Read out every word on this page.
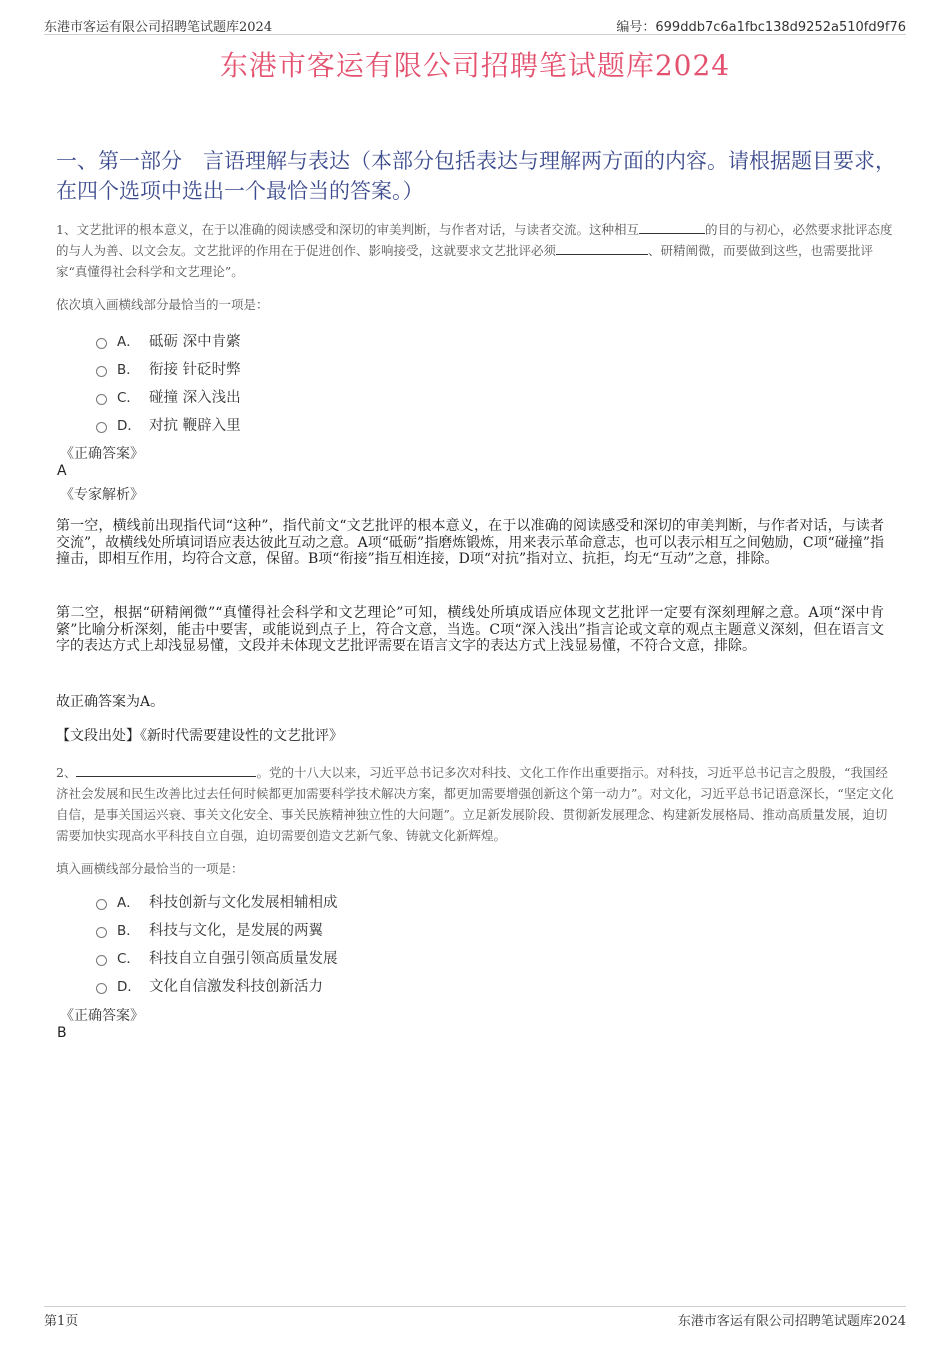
东港市客运有限公司招聘笔试题库2024	编号：699ddb7c6a1fbc138d9252a510fd9f76
东港市客运有限公司招聘笔试题库2024
一、第一部分　言语理解与表达（本部分包括表达与理解两方面的内容。请根据题目要求，在四个选项中选出一个最恰当的答案。）
1、文艺批评的根本意义，在于以准确的阅读感受和深切的审美判断，与作者对话，与读者交流。这种相互	的目的与初心，必然要求批评态度的与人为善、以文会友。文艺批评的作用在于促进创作、影响接受，这就要求文艺批评必须	、研精阐微，而要做到这些，也需要批评家“真懂得社会科学和文艺理论”。
依次填入画横线部分最恰当的一项是：
A． 砥砺 深中肯綮
B． 衔接 针砭时弊
C． 碰撞 深入浅出
D． 对抗 鞭辟入里
《正确答案》
A
《专家解析》
第一空，横线前出现指代词“这种”，指代前文“文艺批评的根本意义，在于以准确的阅读感受和深切的审美判断，与作者对话，与读者交流”，故横线处所填词语应表达彼此互动之意。A项“砥砺”指磨炼锻炼，用来表示革命意志，也可以表示相互之间勉励，C项“碰撞”指撞击，即相互作用，均符合文意，保留。B项“衔接”指互相连接，D项“对抗”指对立、抗拒，均无“互动”之意，排除。
第二空，根据“研精阐微”“真懂得社会科学和文艺理论”可知，横线处所填成语应体现文艺批评一定要有深刻理解之意。A项“深中肯綮”比喻分析深刻，能击中要害，或能说到点子上，符合文意，当选。C项“深入浅出”指言论或文章的观点主题意义深刻，但在语言文字的表达方式上却浅显易懂，文段并未体现文艺批评需要在语言文字的表达方式上浅显易懂，不符合文意，排除。
故正确答案为A。
【文段出处】《新时代需要建设性的文艺批评》
2、	。党的十八大以来，习近平总书记多次对科技、文化工作作出重要指示。对科技，习近平总书记言之殷殷，“我国经济社会发展和民生改善比过去任何时候都更加需要科学技术解决方案，都更加需要增强创新这个第一动力”。对文化，习近平总书记语意深长，“坚定文化自信，是事关国运兴衰、事关文化安全、事关民族精神独立性的大问题”。立足新发展阶段、贯彻新发展理念、构建新发展格局、推动高质量发展，迫切需要加快实现高水平科技自立自强，迫切需要创造文艺新气象、铸就文化新辉煌。
填入画横线部分最恰当的一项是：
A． 科技创新与文化发展相辅相成
B． 科技与文化，是发展的两翼
C． 科技自立自强引领高质量发展
D． 文化自信激发科技创新活力
《正确答案》
B
第1页	东港市客运有限公司招聘笔试题库2024
